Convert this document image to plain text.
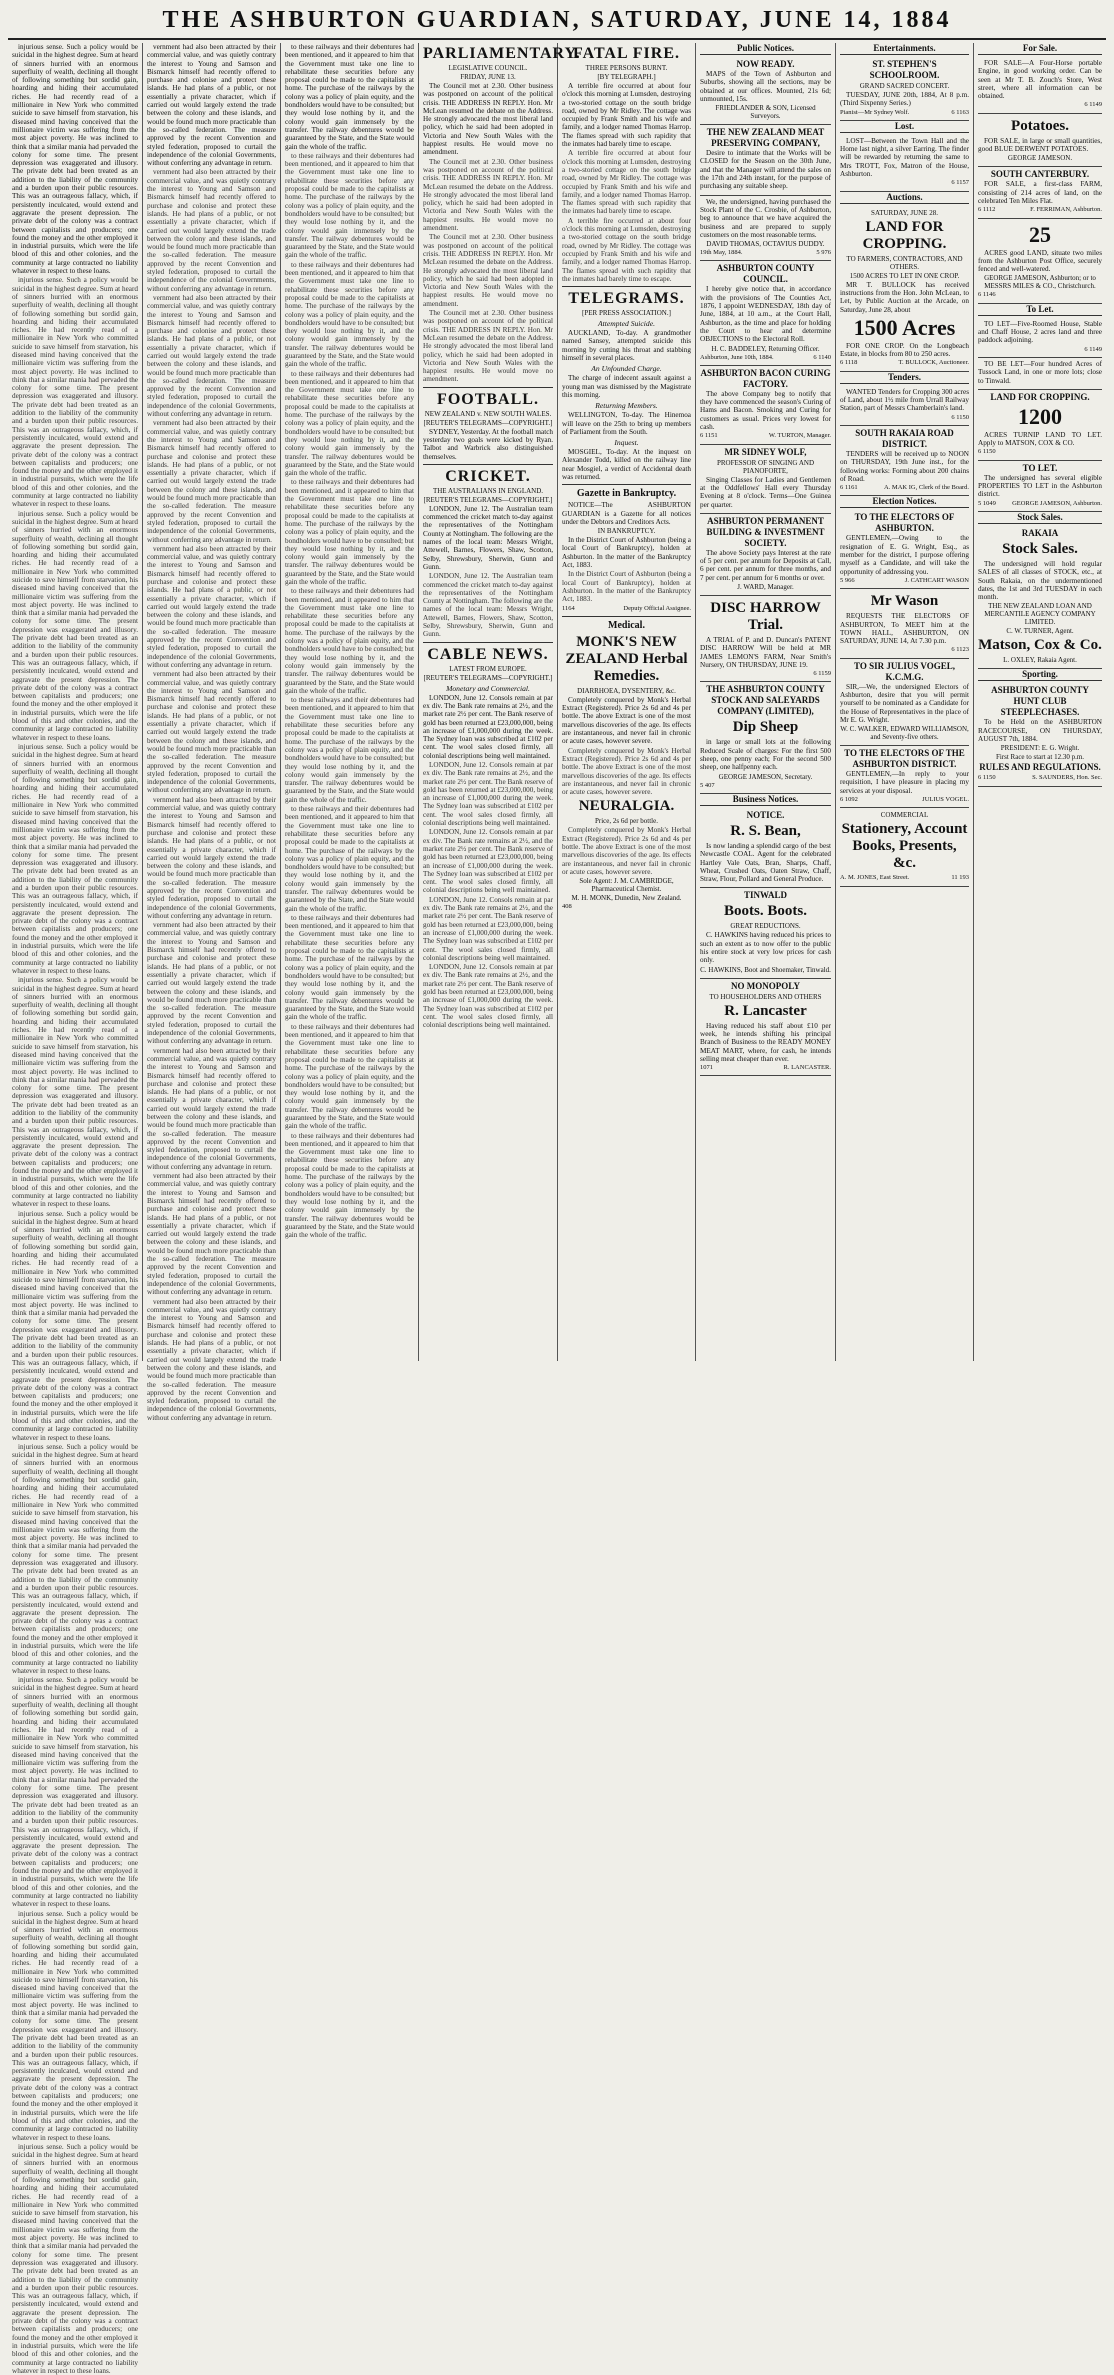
THE ASHBURTON GUARDIAN, SATURDAY, JUNE 14, 1884

injurious sense. Such a policy would be suicidal in the highest degree. Sum at heard of sinners hurried with an enormous superfluity of wealth, declining all thought of following something but sordid gain, hoarding and hiding their accumulated riches. He had recently read of a millionaire in New York who committed suicide to save himself from starvation, his diseased mind having conceived that the millionaire victim was suffering from the most abject poverty. He was inclined to think that a similar mania had pervaded the colony for some time. The present depression was exaggerated and illusory. The private debt had been treated as an addition to the liability of the community and a burden upon their public resources. This was an outrageous fallacy, which, if persistently inculcated, would extend and aggravate the present depression. The private debt of the colony was a contract between capitalists and producers; one found the money and the other employed it in industrial pursuits, which were the life blood of this and other colonies, and the community at large contracted no liability whatever in respect to these loans.

injurious sense. Such a policy would be suicidal in the highest degree. Sum at heard of sinners hurried with an enormous superfluity of wealth, declining all thought of following something but sordid gain, hoarding and hiding their accumulated riches. He had recently read of a millionaire in New York who committed suicide to save himself from starvation, his diseased mind having conceived that the millionaire victim was suffering from the most abject poverty. He was inclined to think that a similar mania had pervaded the colony for some time. The present depression was exaggerated and illusory. The private debt had been treated as an addition to the liability of the community and a burden upon their public resources. This was an outrageous fallacy, which, if persistently inculcated, would extend and aggravate the present depression. The private debt of the colony was a contract between capitalists and producers; one found the money and the other employed it in industrial pursuits, which were the life blood of this and other colonies, and the community at large contracted no liability whatever in respect to these loans.

injurious sense. Such a policy would be suicidal in the highest degree. Sum at heard of sinners hurried with an enormous superfluity of wealth, declining all thought of following something but sordid gain, hoarding and hiding their accumulated riches. He had recently read of a millionaire in New York who committed suicide to save himself from starvation, his diseased mind having conceived that the millionaire victim was suffering from the most abject poverty. He was inclined to think that a similar mania had pervaded the colony for some time. The present depression was exaggerated and illusory. The private debt had been treated as an addition to the liability of the community and a burden upon their public resources. This was an outrageous fallacy, which, if persistently inculcated, would extend and aggravate the present depression. The private debt of the colony was a contract between capitalists and producers; one found the money and the other employed it in industrial pursuits, which were the life blood of this and other colonies, and the community at large contracted no liability whatever in respect to these loans.

injurious sense. Such a policy would be suicidal in the highest degree. Sum at heard of sinners hurried with an enormous superfluity of wealth, declining all thought of following something but sordid gain, hoarding and hiding their accumulated riches. He had recently read of a millionaire in New York who committed suicide to save himself from starvation, his diseased mind having conceived that the millionaire victim was suffering from the most abject poverty. He was inclined to think that a similar mania had pervaded the colony for some time. The present depression was exaggerated and illusory. The private debt had been treated as an addition to the liability of the community and a burden upon their public resources. This was an outrageous fallacy, which, if persistently inculcated, would extend and aggravate the present depression. The private debt of the colony was a contract between capitalists and producers; one found the money and the other employed it in industrial pursuits, which were the life blood of this and other colonies, and the community at large contracted no liability whatever in respect to these loans.

injurious sense. Such a policy would be suicidal in the highest degree. Sum at heard of sinners hurried with an enormous superfluity of wealth, declining all thought of following something but sordid gain, hoarding and hiding their accumulated riches. He had recently read of a millionaire in New York who committed suicide to save himself from starvation, his diseased mind having conceived that the millionaire victim was suffering from the most abject poverty. He was inclined to think that a similar mania had pervaded the colony for some time. The present depression was exaggerated and illusory. The private debt had been treated as an addition to the liability of the community and a burden upon their public resources. This was an outrageous fallacy, which, if persistently inculcated, would extend and aggravate the present depression. The private debt of the colony was a contract between capitalists and producers; one found the money and the other employed it in industrial pursuits, which were the life blood of this and other colonies, and the community at large contracted no liability whatever in respect to these loans.

injurious sense. Such a policy would be suicidal in the highest degree. Sum at heard of sinners hurried with an enormous superfluity of wealth, declining all thought of following something but sordid gain, hoarding and hiding their accumulated riches. He had recently read of a millionaire in New York who committed suicide to save himself from starvation, his diseased mind having conceived that the millionaire victim was suffering from the most abject poverty. He was inclined to think that a similar mania had pervaded the colony for some time. The present depression was exaggerated and illusory. The private debt had been treated as an addition to the liability of the community and a burden upon their public resources. This was an outrageous fallacy, which, if persistently inculcated, would extend and aggravate the present depression. The private debt of the colony was a contract between capitalists and producers; one found the money and the other employed it in industrial pursuits, which were the life blood of this and other colonies, and the community at large contracted no liability whatever in respect to these loans.

injurious sense. Such a policy would be suicidal in the highest degree. Sum at heard of sinners hurried with an enormous superfluity of wealth, declining all thought of following something but sordid gain, hoarding and hiding their accumulated riches. He had recently read of a millionaire in New York who committed suicide to save himself from starvation, his diseased mind having conceived that the millionaire victim was suffering from the most abject poverty. He was inclined to think that a similar mania had pervaded the colony for some time. The present depression was exaggerated and illusory. The private debt had been treated as an addition to the liability of the community and a burden upon their public resources. This was an outrageous fallacy, which, if persistently inculcated, would extend and aggravate the present depression. The private debt of the colony was a contract between capitalists and producers; one found the money and the other employed it in industrial pursuits, which were the life blood of this and other colonies, and the community at large contracted no liability whatever in respect to these loans.

injurious sense. Such a policy would be suicidal in the highest degree. Sum at heard of sinners hurried with an enormous superfluity of wealth, declining all thought of following something but sordid gain, hoarding and hiding their accumulated riches. He had recently read of a millionaire in New York who committed suicide to save himself from starvation, his diseased mind having conceived that the millionaire victim was suffering from the most abject poverty. He was inclined to think that a similar mania had pervaded the colony for some time. The present depression was exaggerated and illusory. The private debt had been treated as an addition to the liability of the community and a burden upon their public resources. This was an outrageous fallacy, which, if persistently inculcated, would extend and aggravate the present depression. The private debt of the colony was a contract between capitalists and producers; one found the money and the other employed it in industrial pursuits, which were the life blood of this and other colonies, and the community at large contracted no liability whatever in respect to these loans.

injurious sense. Such a policy would be suicidal in the highest degree. Sum at heard of sinners hurried with an enormous superfluity of wealth, declining all thought of following something but sordid gain, hoarding and hiding their accumulated riches. He had recently read of a millionaire in New York who committed suicide to save himself from starvation, his diseased mind having conceived that the millionaire victim was suffering from the most abject poverty. He was inclined to think that a similar mania had pervaded the colony for some time. The present depression was exaggerated and illusory. The private debt had been treated as an addition to the liability of the community and a burden upon their public resources. This was an outrageous fallacy, which, if persistently inculcated, would extend and aggravate the present depression. The private debt of the colony was a contract between capitalists and producers; one found the money and the other employed it in industrial pursuits, which were the life blood of this and other colonies, and the community at large contracted no liability whatever in respect to these loans.

injurious sense. Such a policy would be suicidal in the highest degree. Sum at heard of sinners hurried with an enormous superfluity of wealth, declining all thought of following something but sordid gain, hoarding and hiding their accumulated riches. He had recently read of a millionaire in New York who committed suicide to save himself from starvation, his diseased mind having conceived that the millionaire victim was suffering from the most abject poverty. He was inclined to think that a similar mania had pervaded the colony for some time. The present depression was exaggerated and illusory. The private debt had been treated as an addition to the liability of the community and a burden upon their public resources. This was an outrageous fallacy, which, if persistently inculcated, would extend and aggravate the present depression. The private debt of the colony was a contract between capitalists and producers; one found the money and the other employed it in industrial pursuits, which were the life blood of this and other colonies, and the community at large contracted no liability whatever in respect to these loans.

vernment had also been attracted by their commercial value, and was quietly contrary the interest to Young and Samson and Bismarck himself had recently offered to purchase and colonise and protect these islands. He had plans of a public, or not essentially a private character, which if carried out would largely extend the trade between the colony and these islands, and would be found much more practicable than the so-called federation. The measure approved by the recent Convention and styled federation, proposed to curtail the independence of the colonial Governments, without conferring any advantage in return.

vernment had also been attracted by their commercial value, and was quietly contrary the interest to Young and Samson and Bismarck himself had recently offered to purchase and colonise and protect these islands. He had plans of a public, or not essentially a private character, which if carried out would largely extend the trade between the colony and these islands, and would be found much more practicable than the so-called federation. The measure approved by the recent Convention and styled federation, proposed to curtail the independence of the colonial Governments, without conferring any advantage in return.

vernment had also been attracted by their commercial value, and was quietly contrary the interest to Young and Samson and Bismarck himself had recently offered to purchase and colonise and protect these islands. He had plans of a public, or not essentially a private character, which if carried out would largely extend the trade between the colony and these islands, and would be found much more practicable than the so-called federation. The measure approved by the recent Convention and styled federation, proposed to curtail the independence of the colonial Governments, without conferring any advantage in return.

vernment had also been attracted by their commercial value, and was quietly contrary the interest to Young and Samson and Bismarck himself had recently offered to purchase and colonise and protect these islands. He had plans of a public, or not essentially a private character, which if carried out would largely extend the trade between the colony and these islands, and would be found much more practicable than the so-called federation. The measure approved by the recent Convention and styled federation, proposed to curtail the independence of the colonial Governments, without conferring any advantage in return.

vernment had also been attracted by their commercial value, and was quietly contrary the interest to Young and Samson and Bismarck himself had recently offered to purchase and colonise and protect these islands. He had plans of a public, or not essentially a private character, which if carried out would largely extend the trade between the colony and these islands, and would be found much more practicable than the so-called federation. The measure approved by the recent Convention and styled federation, proposed to curtail the independence of the colonial Governments, without conferring any advantage in return.

vernment had also been attracted by their commercial value, and was quietly contrary the interest to Young and Samson and Bismarck himself had recently offered to purchase and colonise and protect these islands. He had plans of a public, or not essentially a private character, which if carried out would largely extend the trade between the colony and these islands, and would be found much more practicable than the so-called federation. The measure approved by the recent Convention and styled federation, proposed to curtail the independence of the colonial Governments, without conferring any advantage in return.

vernment had also been attracted by their commercial value, and was quietly contrary the interest to Young and Samson and Bismarck himself had recently offered to purchase and colonise and protect these islands. He had plans of a public, or not essentially a private character, which if carried out would largely extend the trade between the colony and these islands, and would be found much more practicable than the so-called federation. The measure approved by the recent Convention and styled federation, proposed to curtail the independence of the colonial Governments, without conferring any advantage in return.

vernment had also been attracted by their commercial value, and was quietly contrary the interest to Young and Samson and Bismarck himself had recently offered to purchase and colonise and protect these islands. He had plans of a public, or not essentially a private character, which if carried out would largely extend the trade between the colony and these islands, and would be found much more practicable than the so-called federation. The measure approved by the recent Convention and styled federation, proposed to curtail the independence of the colonial Governments, without conferring any advantage in return.

vernment had also been attracted by their commercial value, and was quietly contrary the interest to Young and Samson and Bismarck himself had recently offered to purchase and colonise and protect these islands. He had plans of a public, or not essentially a private character, which if carried out would largely extend the trade between the colony and these islands, and would be found much more practicable than the so-called federation. The measure approved by the recent Convention and styled federation, proposed to curtail the independence of the colonial Governments, without conferring any advantage in return.

vernment had also been attracted by their commercial value, and was quietly contrary the interest to Young and Samson and Bismarck himself had recently offered to purchase and colonise and protect these islands. He had plans of a public, or not essentially a private character, which if carried out would largely extend the trade between the colony and these islands, and would be found much more practicable than the so-called federation. The measure approved by the recent Convention and styled federation, proposed to curtail the independence of the colonial Governments, without conferring any advantage in return.

vernment had also been attracted by their commercial value, and was quietly contrary the interest to Young and Samson and Bismarck himself had recently offered to purchase and colonise and protect these islands. He had plans of a public, or not essentially a private character, which if carried out would largely extend the trade between the colony and these islands, and would be found much more practicable than the so-called federation. The measure approved by the recent Convention and styled federation, proposed to curtail the independence of the colonial Governments, without conferring any advantage in return.

to these railways and their debentures had been mentioned, and it appeared to him that the Government must take one line to rehabilitate these securities before any proposal could be made to the capitalists at home. The purchase of the railways by the colony was a policy of plain equity, and the bondholders would have to be consulted; but they would lose nothing by it, and the colony would gain immensely by the transfer. The railway debentures would be guaranteed by the State, and the State would gain the whole of the traffic.

to these railways and their debentures had been mentioned, and it appeared to him that the Government must take one line to rehabilitate these securities before any proposal could be made to the capitalists at home. The purchase of the railways by the colony was a policy of plain equity, and the bondholders would have to be consulted; but they would lose nothing by it, and the colony would gain immensely by the transfer. The railway debentures would be guaranteed by the State, and the State would gain the whole of the traffic.

to these railways and their debentures had been mentioned, and it appeared to him that the Government must take one line to rehabilitate these securities before any proposal could be made to the capitalists at home. The purchase of the railways by the colony was a policy of plain equity, and the bondholders would have to be consulted; but they would lose nothing by it, and the colony would gain immensely by the transfer. The railway debentures would be guaranteed by the State, and the State would gain the whole of the traffic.

to these railways and their debentures had been mentioned, and it appeared to him that the Government must take one line to rehabilitate these securities before any proposal could be made to the capitalists at home. The purchase of the railways by the colony was a policy of plain equity, and the bondholders would have to be consulted; but they would lose nothing by it, and the colony would gain immensely by the transfer. The railway debentures would be guaranteed by the State, and the State would gain the whole of the traffic.

to these railways and their debentures had been mentioned, and it appeared to him that the Government must take one line to rehabilitate these securities before any proposal could be made to the capitalists at home. The purchase of the railways by the colony was a policy of plain equity, and the bondholders would have to be consulted; but they would lose nothing by it, and the colony would gain immensely by the transfer. The railway debentures would be guaranteed by the State, and the State would gain the whole of the traffic.

to these railways and their debentures had been mentioned, and it appeared to him that the Government must take one line to rehabilitate these securities before any proposal could be made to the capitalists at home. The purchase of the railways by the colony was a policy of plain equity, and the bondholders would have to be consulted; but they would lose nothing by it, and the colony would gain immensely by the transfer. The railway debentures would be guaranteed by the State, and the State would gain the whole of the traffic.

to these railways and their debentures had been mentioned, and it appeared to him that the Government must take one line to rehabilitate these securities before any proposal could be made to the capitalists at home. The purchase of the railways by the colony was a policy of plain equity, and the bondholders would have to be consulted; but they would lose nothing by it, and the colony would gain immensely by the transfer. The railway debentures would be guaranteed by the State, and the State would gain the whole of the traffic.

to these railways and their debentures had been mentioned, and it appeared to him that the Government must take one line to rehabilitate these securities before any proposal could be made to the capitalists at home. The purchase of the railways by the colony was a policy of plain equity, and the bondholders would have to be consulted; but they would lose nothing by it, and the colony would gain immensely by the transfer. The railway debentures would be guaranteed by the State, and the State would gain the whole of the traffic.

to these railways and their debentures had been mentioned, and it appeared to him that the Government must take one line to rehabilitate these securities before any proposal could be made to the capitalists at home. The purchase of the railways by the colony was a policy of plain equity, and the bondholders would have to be consulted; but they would lose nothing by it, and the colony would gain immensely by the transfer. The railway debentures would be guaranteed by the State, and the State would gain the whole of the traffic.

to these railways and their debentures had been mentioned, and it appeared to him that the Government must take one line to rehabilitate these securities before any proposal could be made to the capitalists at home. The purchase of the railways by the colony was a policy of plain equity, and the bondholders would have to be consulted; but they would lose nothing by it, and the colony would gain immensely by the transfer. The railway debentures would be guaranteed by the State, and the State would gain the whole of the traffic.

to these railways and their debentures had been mentioned, and it appeared to him that the Government must take one line to rehabilitate these securities before any proposal could be made to the capitalists at home. The purchase of the railways by the colony was a policy of plain equity, and the bondholders would have to be consulted; but they would lose nothing by it, and the colony would gain immensely by the transfer. The railway debentures would be guaranteed by the State, and the State would gain the whole of the traffic.

PARLIAMENTARY.
LEGISLATIVE COUNCIL.
FRIDAY, JUNE 13.

The Council met at 2.30. Other business was postponed on account of the political crisis. THE ADDRESS IN REPLY. Hon. Mr McLean resumed the debate on the Address. He strongly advocated the most liberal land policy, which he said had been adopted in Victoria and New South Wales with the happiest results. He would move no amendment.

The Council met at 2.30. Other business was postponed on account of the political crisis. THE ADDRESS IN REPLY. Hon. Mr McLean resumed the debate on the Address. He strongly advocated the most liberal land policy, which he said had been adopted in Victoria and New South Wales with the happiest results. He would move no amendment.

The Council met at 2.30. Other business was postponed on account of the political crisis. THE ADDRESS IN REPLY. Hon. Mr McLean resumed the debate on the Address. He strongly advocated the most liberal land policy, which he said had been adopted in Victoria and New South Wales with the happiest results. He would move no amendment.

The Council met at 2.30. Other business was postponed on account of the political crisis. THE ADDRESS IN REPLY. Hon. Mr McLean resumed the debate on the Address. He strongly advocated the most liberal land policy, which he said had been adopted in Victoria and New South Wales with the happiest results. He would move no amendment.

FOOTBALL.
NEW ZEALAND v. NEW SOUTH WALES.
[REUTER'S TELEGRAMS—COPYRIGHT.]

SYDNEY, Yesterday. At the football match yesterday two goals were kicked by Ryan. Talbot and Warbrick also distinguished themselves.

CRICKET.
THE AUSTRALIANS IN ENGLAND.
[REUTER'S TELEGRAMS—COPYRIGHT.]

LONDON, June 12. The Australian team commenced the cricket match to-day against the representatives of the Nottingham County at Nottingham. The following are the names of the local team: Messrs Wright, Attewell, Barnes, Flowers, Shaw, Scotton, Selby, Shrewsbury, Sherwin, Gunn and Gunn.

LONDON, June 12. The Australian team commenced the cricket match to-day against the representatives of the Nottingham County at Nottingham. The following are the names of the local team: Messrs Wright, Attewell, Barnes, Flowers, Shaw, Scotton, Selby, Shrewsbury, Sherwin, Gunn and Gunn.

CABLE NEWS.
LATEST FROM EUROPE.
[REUTER'S TELEGRAMS—COPYRIGHT.]
Monetary and Commercial.

LONDON, June 12. Consols remain at par ex div. The Bank rate remains at 2½, and the market rate 2½ per cent. The Bank reserve of gold has been returned at £23,000,000, being an increase of £1,000,000 during the week. The Sydney loan was subscribed at £102 per cent. The wool sales closed firmly, all colonial descriptions being well maintained.

LONDON, June 12. Consols remain at par ex div. The Bank rate remains at 2½, and the market rate 2½ per cent. The Bank reserve of gold has been returned at £23,000,000, being an increase of £1,000,000 during the week. The Sydney loan was subscribed at £102 per cent. The wool sales closed firmly, all colonial descriptions being well maintained.

LONDON, June 12. Consols remain at par ex div. The Bank rate remains at 2½, and the market rate 2½ per cent. The Bank reserve of gold has been returned at £23,000,000, being an increase of £1,000,000 during the week. The Sydney loan was subscribed at £102 per cent. The wool sales closed firmly, all colonial descriptions being well maintained.

LONDON, June 12. Consols remain at par ex div. The Bank rate remains at 2½, and the market rate 2½ per cent. The Bank reserve of gold has been returned at £23,000,000, being an increase of £1,000,000 during the week. The Sydney loan was subscribed at £102 per cent. The wool sales closed firmly, all colonial descriptions being well maintained.

LONDON, June 12. Consols remain at par ex div. The Bank rate remains at 2½, and the market rate 2½ per cent. The Bank reserve of gold has been returned at £23,000,000, being an increase of £1,000,000 during the week. The Sydney loan was subscribed at £102 per cent. The wool sales closed firmly, all colonial descriptions being well maintained.

FATAL FIRE.
THREE PERSONS BURNT.
[BY TELEGRAPH.]

A terrible fire occurred at about four o'clock this morning at Lumsden, destroying a two-storied cottage on the south bridge road, owned by Mr Ridley. The cottage was occupied by Frank Smith and his wife and family, and a lodger named Thomas Harrop. The flames spread with such rapidity that the inmates had barely time to escape.

A terrible fire occurred at about four o'clock this morning at Lumsden, destroying a two-storied cottage on the south bridge road, owned by Mr Ridley. The cottage was occupied by Frank Smith and his wife and family, and a lodger named Thomas Harrop. The flames spread with such rapidity that the inmates had barely time to escape.

A terrible fire occurred at about four o'clock this morning at Lumsden, destroying a two-storied cottage on the south bridge road, owned by Mr Ridley. The cottage was occupied by Frank Smith and his wife and family, and a lodger named Thomas Harrop. The flames spread with such rapidity that the inmates had barely time to escape.

TELEGRAMS.
[PER PRESS ASSOCIATION.]
Attempted Suicide.

AUCKLAND, To-day. A grandmother named Sansey, attempted suicide this morning by cutting his throat and stabbing himself in several places.

An Unfounded Charge.

The charge of indecent assault against a young man was dismissed by the Magistrate this morning.

Returning Members.

WELLINGTON, To-day. The Hinemoa will leave on the 25th to bring up members of Parliament from the South.

Inquest.

MOSGIEL, To-day. At the inquest on Alexander Todd, killed on the railway line near Mosgiel, a verdict of Accidental death was returned.

Gazette in Bankruptcy.

NOTICE—The ASHBURTON GUARDIAN is a Gazette for all notices under the Debtors and Creditors Acts.

IN BANKRUPTCY.

In the District Court of Ashburton (being a local Court of Bankruptcy), holden at Ashburton. In the matter of the Bankruptcy Act, 1883.

In the District Court of Ashburton (being a local Court of Bankruptcy), holden at Ashburton. In the matter of the Bankruptcy Act, 1883.

1164	Deputy Official Assignee.
Medical.
MONK'S NEW ZEALAND Herbal Remedies.
DIARRHOEA, DYSENTERY, &c.

Completely conquered by Monk's Herbal Extract (Registered). Price 2s 6d and 4s per bottle. The above Extract is one of the most marvellous discoveries of the age. Its effects are instantaneous, and never fail in chronic or acute cases, however severe.

Completely conquered by Monk's Herbal Extract (Registered). Price 2s 6d and 4s per bottle. The above Extract is one of the most marvellous discoveries of the age. Its effects are instantaneous, and never fail in chronic or acute cases, however severe.

NEURALGIA.
Price, 2s 6d per bottle.

Completely conquered by Monk's Herbal Extract (Registered). Price 2s 6d and 4s per bottle. The above Extract is one of the most marvellous discoveries of the age. Its effects are instantaneous, and never fail in chronic or acute cases, however severe.

Sole Agent: J. M. CAMBRIDGE, Pharmaceutical Chemist.
M. H. MONK, Dunedin, New Zealand.
408
Public Notices.
NOW READY.

MAPS of the Town of Ashburton and Suburbs, showing all the sections, may be obtained at our offices. Mounted, 21s 6d; unmounted, 15s.

FRIEDLANDER & SON, Licensed Surveyors.
THE NEW ZEALAND MEAT PRESERVING COMPANY,

Desire to intimate that the Works will be CLOSED for the Season on the 30th June, and that the Manager will attend the sales on the 17th and 24th instant, for the purpose of purchasing any suitable sheep.

We, the undersigned, having purchased the Stock Plant of the C. Crosbie, of Ashburton, beg to announce that we have acquired the business and are prepared to supply customers on the most reasonable terms.

DAVID THOMAS, OCTAVIUS DUDDY.
19th May, 1884.	5 976
ASHBURTON COUNTY COUNCIL.

I hereby give notice that, in accordance with the provisions of The Counties Act, 1876, I appoint WEDNESDAY, 18th day of June, 1884, at 10 a.m., at the Court Hall, Ashburton, as the time and place for holding the Court to hear and determine OBJECTIONS to the Electoral Roll.

H. C. BADDELEY, Returning Officer.
Ashburton, June 10th, 1884.	6 1140
ASHBURTON BACON CURING FACTORY.

The above Company beg to notify that they have commenced the season's Curing of Hams and Bacon. Smoking and Curing for customers as usual. Prices very lowest for cash.

6 1151	W. TURTON, Manager.
MR SIDNEY WOLF,
PROFESSOR OF SINGING AND PIANOFORTE,

Singing Classes for Ladies and Gentlemen at the Oddfellows' Hall every Thursday Evening at 8 o'clock. Terms—One Guinea per quarter.

ASHBURTON PERMANENT BUILDING & INVESTMENT SOCIETY.

The above Society pays Interest at the rate of 5 per cent. per annum for Deposits at Call, 6 per cent. per annum for three months, and 7 per cent. per annum for 6 months or over.

J. WARD, Manager.
DISC HARROW Trial.

A TRIAL of P. and D. Duncan's PATENT DISC HARROW Will be held at MR JAMES LEMON'S FARM, Near Smith's Nursery, ON THURSDAY, JUNE 19.

6 1159
THE ASHBURTON COUNTY STOCK AND SALEYARDS COMPANY (LIMITED),
Dip Sheep

in large or small lots at the following Reduced Scale of charges: For the first 500 sheep, one penny each; For the second 500 sheep, one halfpenny each.

GEORGE JAMESON, Secretary.
5 407
Business Notices.
NOTICE.
R. S. Bean,

Is now landing a splendid cargo of the best Newcastle COAL. Agent for the celebrated Hartley Vale Oats, Bran, Sharps, Chaff, Wheat, Crushed Oats, Oaten Straw, Chaff, Straw, Flour, Pollard and General Produce.

TINWALD
Boots. Boots.
GREAT REDUCTIONS.

C. HAWKINS having reduced his prices to such an extent as to now offer to the public his entire stock at very low prices for cash only.

C. HAWKINS, Boot and Shoemaker, Tinwald.
NO MONOPOLY
TO HOUSEHOLDERS AND OTHERS
R. Lancaster

Having reduced his staff about £10 per week, he intends shifting his principal Branch of Business to the READY MONEY MEAT MART, where, for cash, he intends selling meat cheaper than ever.

1071	R. LANCASTER.
Entertainments.
ST. STEPHEN'S SCHOOLROOM.
GRAND SACRED CONCERT.

TUESDAY, JUNE 20th, 1884, At 8 p.m. (Third Sixpenny Series.)

Pianist—Mr Sydney Wolf.	6 1163
Lost.

LOST—Between the Town Hall and the Home last night, a silver Earring. The finder will be rewarded by returning the same to Mrs TROTT, Fox, Matron of the House, Ashburton.

6 1157
Auctions.
SATURDAY, JUNE 28.
LAND FOR CROPPING.
TO FARMERS, CONTRACTORS, AND OTHERS.
1500 ACRES TO LET IN ONE CROP.

MR T. BULLOCK has received instructions from the Hon. John McLean, to Let, by Public Auction at the Arcade, on Saturday, June 28, about

1500 Acres

FOR ONE CROP. On the Longbeach Estate, in blocks from 80 to 250 acres.

6 1118	T. BULLOCK, Auctioneer.
Tenders.

WANTED Tenders for Cropping 300 acres of Land, about 1½ mile from Urrall Railway Station, part of Messrs Chamberlain's land.

6 1150
SOUTH RAKAIA ROAD DISTRICT.

TENDERS will be received up to NOON on THURSDAY, 19th June inst., for the following works: Forming about 200 chains of Road.

6 1161	A. MAK IG, Clerk of the Board.
Election Notices.
TO THE ELECTORS OF ASHBURTON.

GENTLEMEN,—Owing to the resignation of E. G. Wright, Esq., as member for the district, I purpose offering myself as a Candidate, and will take the opportunity of addressing you.

5 966	J. CATHCART WASON
Mr Wason

REQUESTS THE ELECTORS OF ASHBURTON, To MEET him at the TOWN HALL, ASHBURTON, ON SATURDAY, JUNE 14, At 7.30 p.m.

6 1123
TO SIR JULIUS VOGEL, K.C.M.G.

SIR,—We, the undersigned Electors of Ashburton, desire that you will permit yourself to be nominated as a Candidate for the House of Representatives in the place of Mr E. G. Wright.

W. C. WALKER, EDWARD WILLIAMSON, and Seventy-five others.
TO THE ELECTORS OF THE ASHBURTON DISTRICT.

GENTLEMEN,—In reply to your requisition, I have pleasure in placing my services at your disposal.

6 1092	JULIUS VOGEL.
COMMERCIAL
Stationery, Account Books, Presents, &c.
A. M. JONES, East Street.	11 193
For Sale.

FOR SALE—A Four-Horse portable Engine, in good working order. Can be seen at Mr T. B. Zouch's Store, West street, where all information can be obtained.

6 1149
Potatoes.

FOR SALE, in large or small quantities, good BLUE DERWENT POTATOES.

GEORGE JAMESON.
SOUTH CANTERBURY.

FOR SALE, a first-class FARM, consisting of 214 acres of land, on the celebrated Ten Miles Flat.

6 1112	F. FERRIMAN, Ashburton.
25

ACRES good LAND, situate two miles from the Ashburton Post Office, securely fenced and well-watered.

GEORGE JAMESON, Ashburton; or to MESSRS MILES & CO., Christchurch.
6 1146
To Let.

TO LET—Five-Roomed House, Stable and Chaff House, 2 acres land and three paddock adjoining.

6 1149

TO BE LET—Four hundred Acres of Tussock Land, in one or more lots; close to Tinwald.

LAND FOR CROPPING.
1200

ACRES TURNIP LAND TO LET. Apply to MATSON, COX & CO.

6 1150
TO LET.

The undersigned has several eligible PROPERTIES TO LET in the Ashburton district.

5 1049 GEORGE JAMESON, Ashburton.
Stock Sales.
RAKAIA
Stock Sales.

The undersigned will hold regular SALES of all classes of STOCK, etc., at South Rakaia, on the undermentioned dates, the 1st and 3rd TUESDAY in each month.

THE NEW ZEALAND LOAN AND MERCANTILE AGENCY COMPANY LIMITED.
C. W. TURNER, Agent.
Matson, Cox & Co.
L. OXLEY, Rakaia Agent.
Sporting.
ASHBURTON COUNTY HUNT CLUB STEEPLECHASES.

To be Held on the ASHBURTON RACECOURSE, ON THURSDAY, AUGUST 7th, 1884.

PRESIDENT: E. G. Wright.
First Race to start at 12.30 p.m.
RULES AND REGULATIONS.
6 1150	S. SAUNDERS, Hon. Sec.
